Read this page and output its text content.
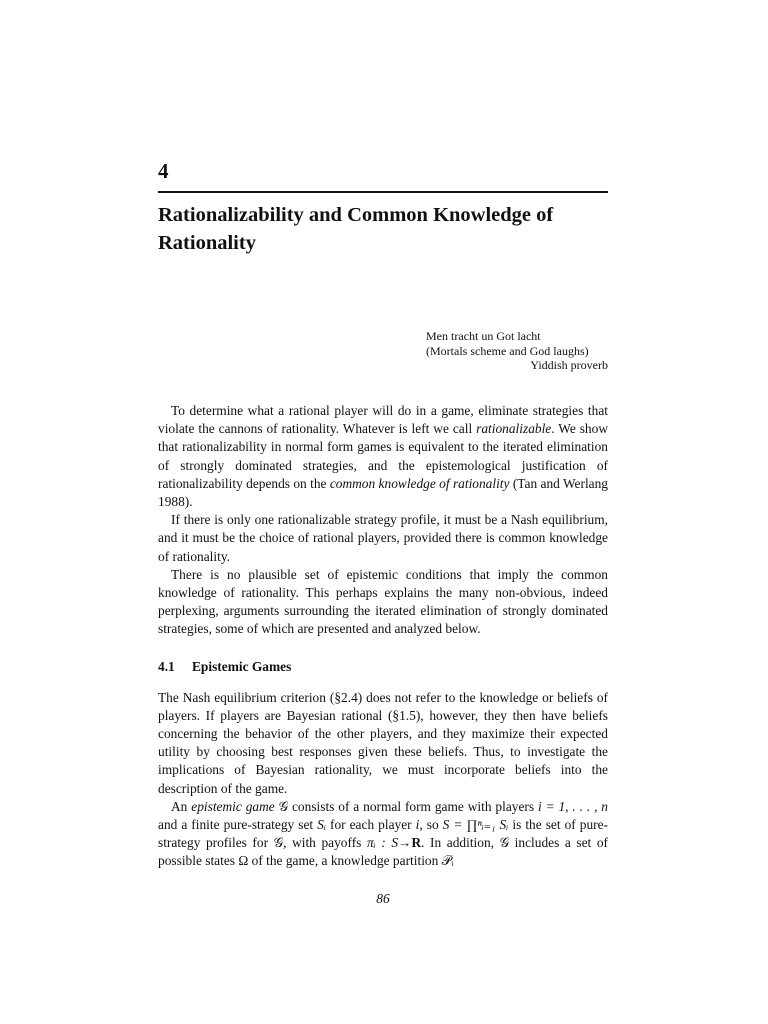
4
Rationalizability and Common Knowledge of Rationality
Men tracht un Got lacht
(Mortals scheme and God laughs)
Yiddish proverb

To determine what a rational player will do in a game, eliminate strategies that violate the cannons of rationality. Whatever is left we call rationalizable. We show that rationalizability in normal form games is equivalent to the iterated elimination of strongly dominated strategies, and the epistemological justification of rationalizability depends on the common knowledge of rationality (Tan and Werlang 1988).

If there is only one rationalizable strategy profile, it must be a Nash equilibrium, and it must be the choice of rational players, provided there is common knowledge of rationality.

There is no plausible set of epistemic conditions that imply the common knowledge of rationality. This perhaps explains the many non-obvious, indeed perplexing, arguments surrounding the iterated elimination of strongly dominated strategies, some of which are presented and analyzed below.

4.1 Epistemic Games

The Nash equilibrium criterion (§2.4) does not refer to the knowledge or beliefs of players. If players are Bayesian rational (§1.5), however, they then have beliefs concerning the behavior of the other players, and they maximize their expected utility by choosing best responses given these beliefs. Thus, to investigate the implications of Bayesian rationality, we must incorporate beliefs into the description of the game.

An epistemic game 𝒢 consists of a normal form game with players i = 1, . . . , n and a finite pure-strategy set Sᵢ for each player i, so S = ∏ⁿᵢ₌₁ Sᵢ is the set of pure-strategy profiles for 𝒢, with payoffs πᵢ : S→R. In addition, 𝒢 includes a set of possible states Ω of the game, a knowledge partition 𝒫ᵢ

86
